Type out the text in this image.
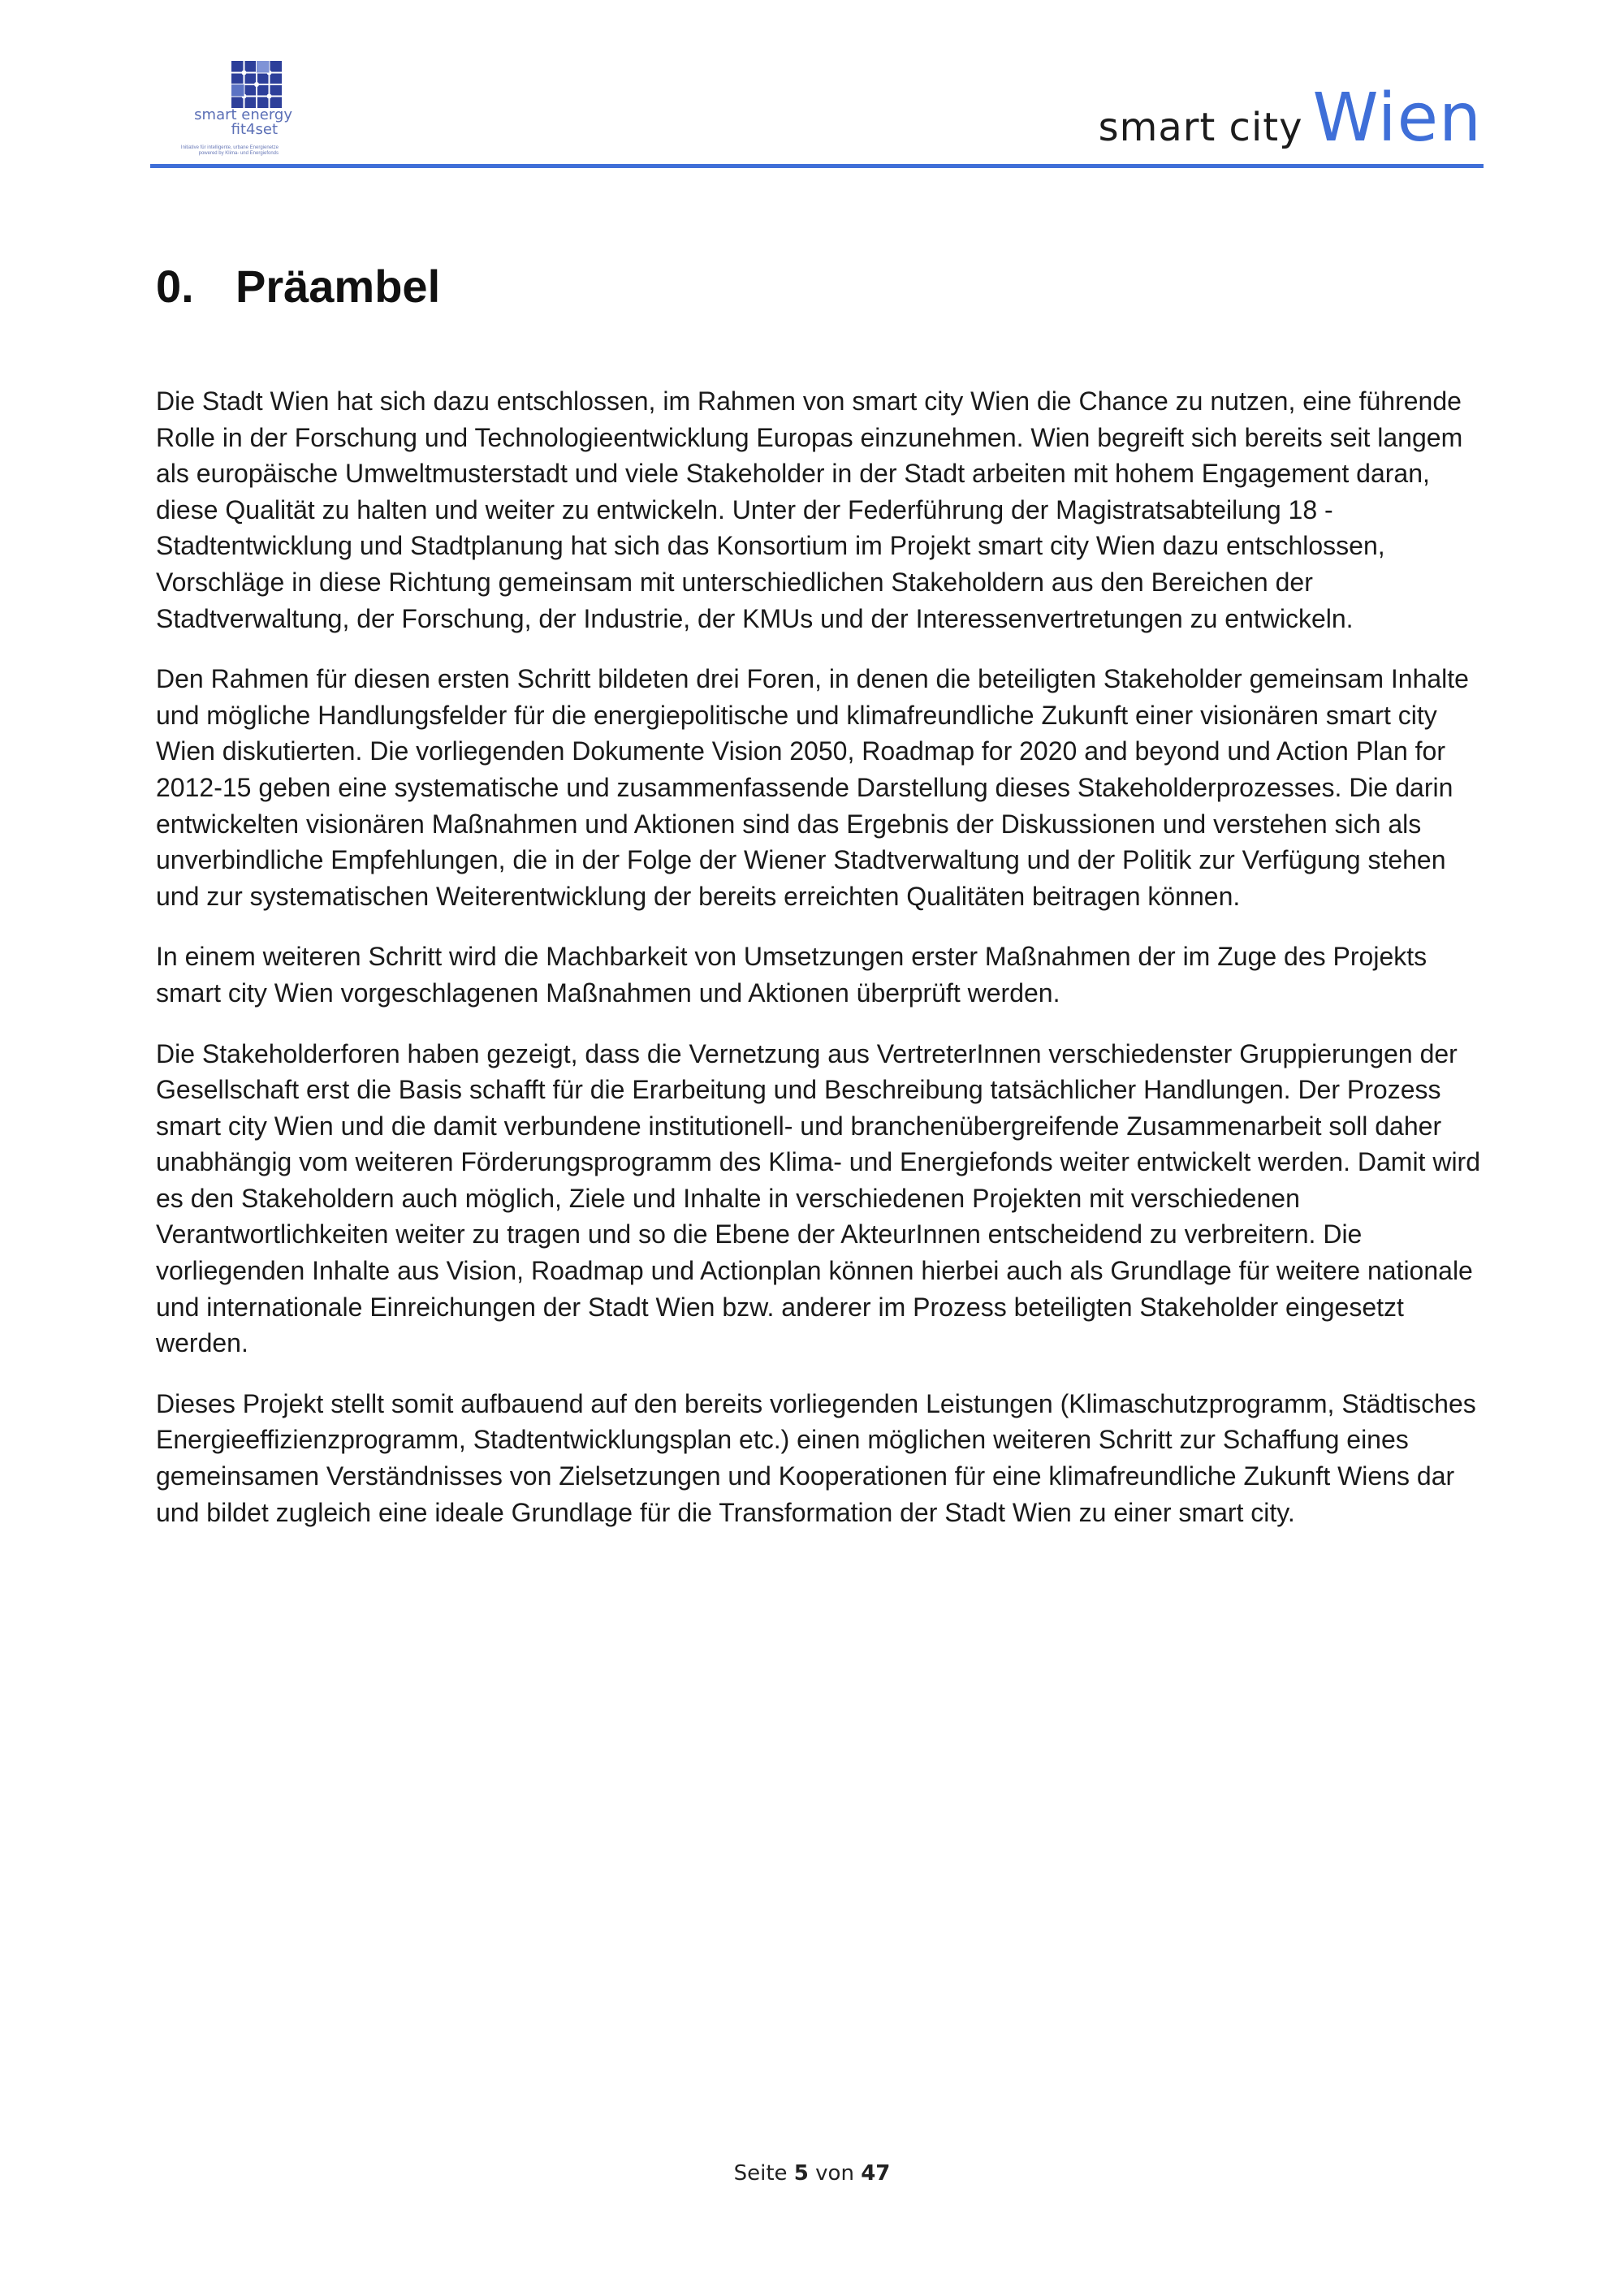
smart energy
fit4set
Initiative für intelligente, urbane Energienetze
powered by Klima- und Energiefonds
smart city Wien
0. Präambel

Die Stadt Wien hat sich dazu entschlossen, im Rahmen von smart city Wien die Chance zu nutzen, eine führende Rolle in der Forschung und Technologieentwicklung Europas einzunehmen. Wien begreift sich bereits seit langem als europäische Umweltmusterstadt und viele Stakeholder in der Stadt arbeiten mit hohem Engagement daran, diese Qualität zu halten und weiter zu entwickeln. Unter der Federführung der Magistratsabteilung 18 - Stadtentwicklung und Stadtplanung hat sich das Konsortium im Projekt smart city Wien dazu entschlossen, Vorschläge in diese Richtung gemeinsam mit unterschiedlichen Stakeholdern aus den Bereichen der Stadtverwaltung, der Forschung, der Industrie, der KMUs und der Interessenvertretungen zu entwickeln.

Den Rahmen für diesen ersten Schritt bildeten drei Foren, in denen die beteiligten Stakeholder gemeinsam Inhalte und mögliche Handlungsfelder für die energiepolitische und klimafreundliche Zukunft einer visionären smart city Wien diskutierten. Die vorliegenden Dokumente Vision 2050, Roadmap for 2020 and beyond und Action Plan for 2012-15 geben eine systematische und zusammenfassende Darstellung dieses Stakeholderprozesses. Die darin entwickelten visionären Maßnahmen und Aktionen sind das Ergebnis der Diskussionen und verstehen sich als unverbindliche Empfehlungen, die in der Folge der Wiener Stadtverwaltung und der Politik zur Verfügung stehen und zur systematischen Weiterentwicklung der bereits erreichten Qualitäten beitragen können.

In einem weiteren Schritt wird die Machbarkeit von Umsetzungen erster Maßnahmen der im Zuge des Projekts smart city Wien vorgeschlagenen Maßnahmen und Aktionen überprüft werden.

Die Stakeholderforen haben gezeigt, dass die Vernetzung aus VertreterInnen verschiedenster Gruppierungen der Gesellschaft erst die Basis schafft für die Erarbeitung und Beschreibung tatsächlicher Handlungen. Der Prozess smart city Wien und die damit verbundene institutionell- und branchenübergreifende Zusammenarbeit soll daher unabhängig vom weiteren Förderungsprogramm des Klima- und Energiefonds weiter entwickelt werden. Damit wird es den Stakeholdern auch möglich, Ziele und Inhalte in verschiedenen Projekten mit verschiedenen Verantwortlichkeiten weiter zu tragen und so die Ebene der AkteurInnen entscheidend zu verbreitern. Die vorliegenden Inhalte aus Vision, Roadmap und Actionplan können hierbei auch als Grundlage für weitere nationale und internationale Einreichungen der Stadt Wien bzw. anderer im Prozess beteiligten Stakeholder eingesetzt werden.

Dieses Projekt stellt somit aufbauend auf den bereits vorliegenden Leistungen (Klimaschutzprogramm, Städtisches Energieeffizienzprogramm, Stadtentwicklungsplan etc.) einen möglichen weiteren Schritt zur Schaffung eines gemeinsamen Verständnisses von Zielsetzungen und Kooperationen für eine klimafreundliche Zukunft Wiens dar und bildet zugleich eine ideale Grundlage für die Transformation der Stadt Wien zu einer smart city.

Seite 5 von 47
